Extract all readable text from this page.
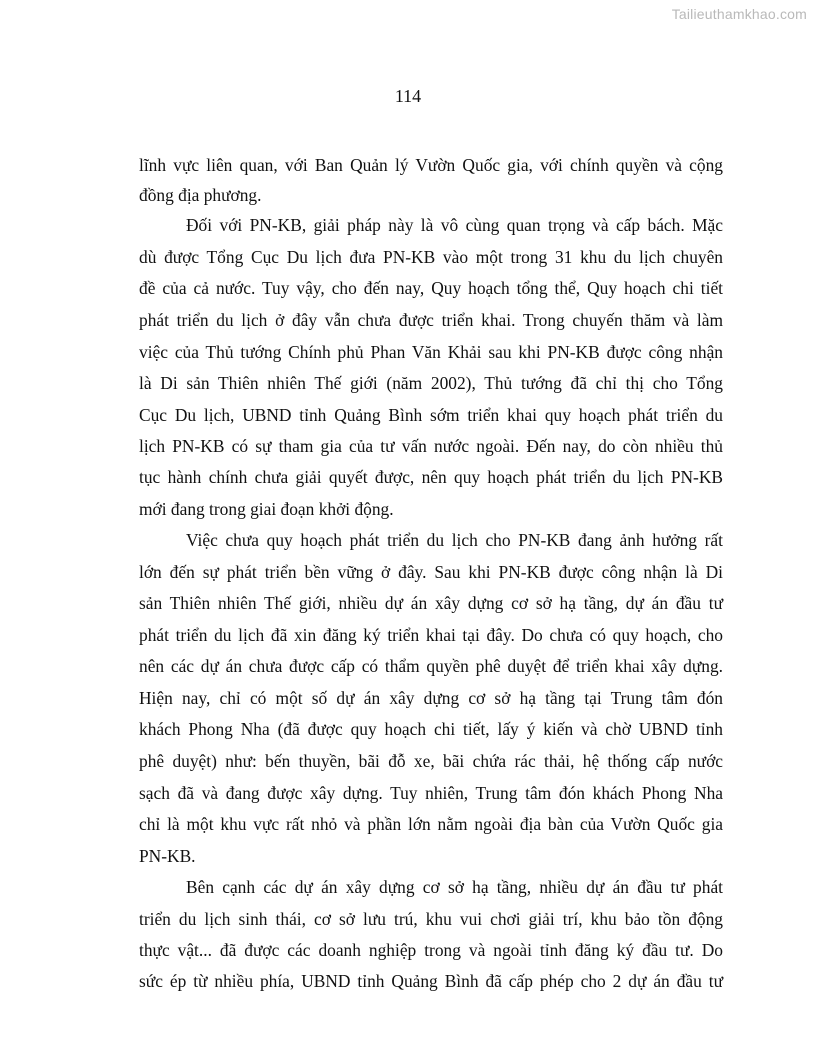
Tailieuthamkhao.com
114
lĩnh vực liên quan, với Ban Quản lý Vườn Quốc gia, với chính quyền và cộng
đồng địa phương.
Đối với PN-KB, giải pháp này là vô cùng quan trọng và cấp bách. Mặc
dù được Tổng Cục Du lịch đưa PN-KB vào một trong 31 khu du lịch chuyên
đề của cả nước. Tuy vậy, cho đến nay, Quy hoạch tổng thể, Quy hoạch chi tiết
phát triển du lịch ở đây vẫn chưa được triển khai. Trong chuyến thăm và làm
việc của Thủ tướng Chính phủ Phan Văn Khải sau khi PN-KB được công nhận
là Di sản Thiên nhiên Thế giới (năm 2002), Thủ tướng đã chỉ thị cho Tổng
Cục Du lịch, UBND tỉnh Quảng Bình sớm triển khai quy hoạch phát triển du
lịch PN-KB có sự tham gia của tư vấn nước ngoài. Đến nay, do còn nhiều thủ
tục hành chính chưa giải quyết được, nên quy hoạch phát triển du lịch PN-KB
mới đang trong giai đoạn khởi động.
Việc chưa quy hoạch phát triển du lịch cho PN-KB đang ảnh hưởng rất
lớn đến sự phát triển bền vững ở đây. Sau khi PN-KB được công nhận là Di
sản Thiên nhiên Thế giới, nhiều dự án xây dựng cơ sở hạ tầng, dự án đầu tư
phát triển du lịch đã xin đăng ký triển khai tại đây. Do chưa có quy hoạch, cho
nên các dự án chưa được cấp có thẩm quyền phê duyệt để triển khai xây dựng.
Hiện nay, chỉ có một số dự án xây dựng cơ sở hạ tầng tại Trung tâm đón
khách Phong Nha (đã được quy hoạch chi tiết, lấy ý kiến và chờ UBND tỉnh
phê duyệt) như: bến thuyền, bãi đỗ xe, bãi chứa rác thải, hệ thống cấp nước
sạch đã và đang được xây dựng. Tuy nhiên, Trung tâm đón khách Phong Nha
chỉ là một khu vực rất nhỏ và phần lớn nằm ngoài địa bàn của Vườn Quốc gia
PN-KB.
Bên cạnh các dự án xây dựng cơ sở hạ tầng, nhiều dự án đầu tư phát
triển du lịch sinh thái, cơ sở lưu trú, khu vui chơi giải trí, khu bảo tồn động
thực vật... đã được các doanh nghiệp trong và ngoài tỉnh đăng ký đầu tư. Do
sức ép từ nhiều phía, UBND tỉnh Quảng Bình đã cấp phép cho 2 dự án đầu tư
